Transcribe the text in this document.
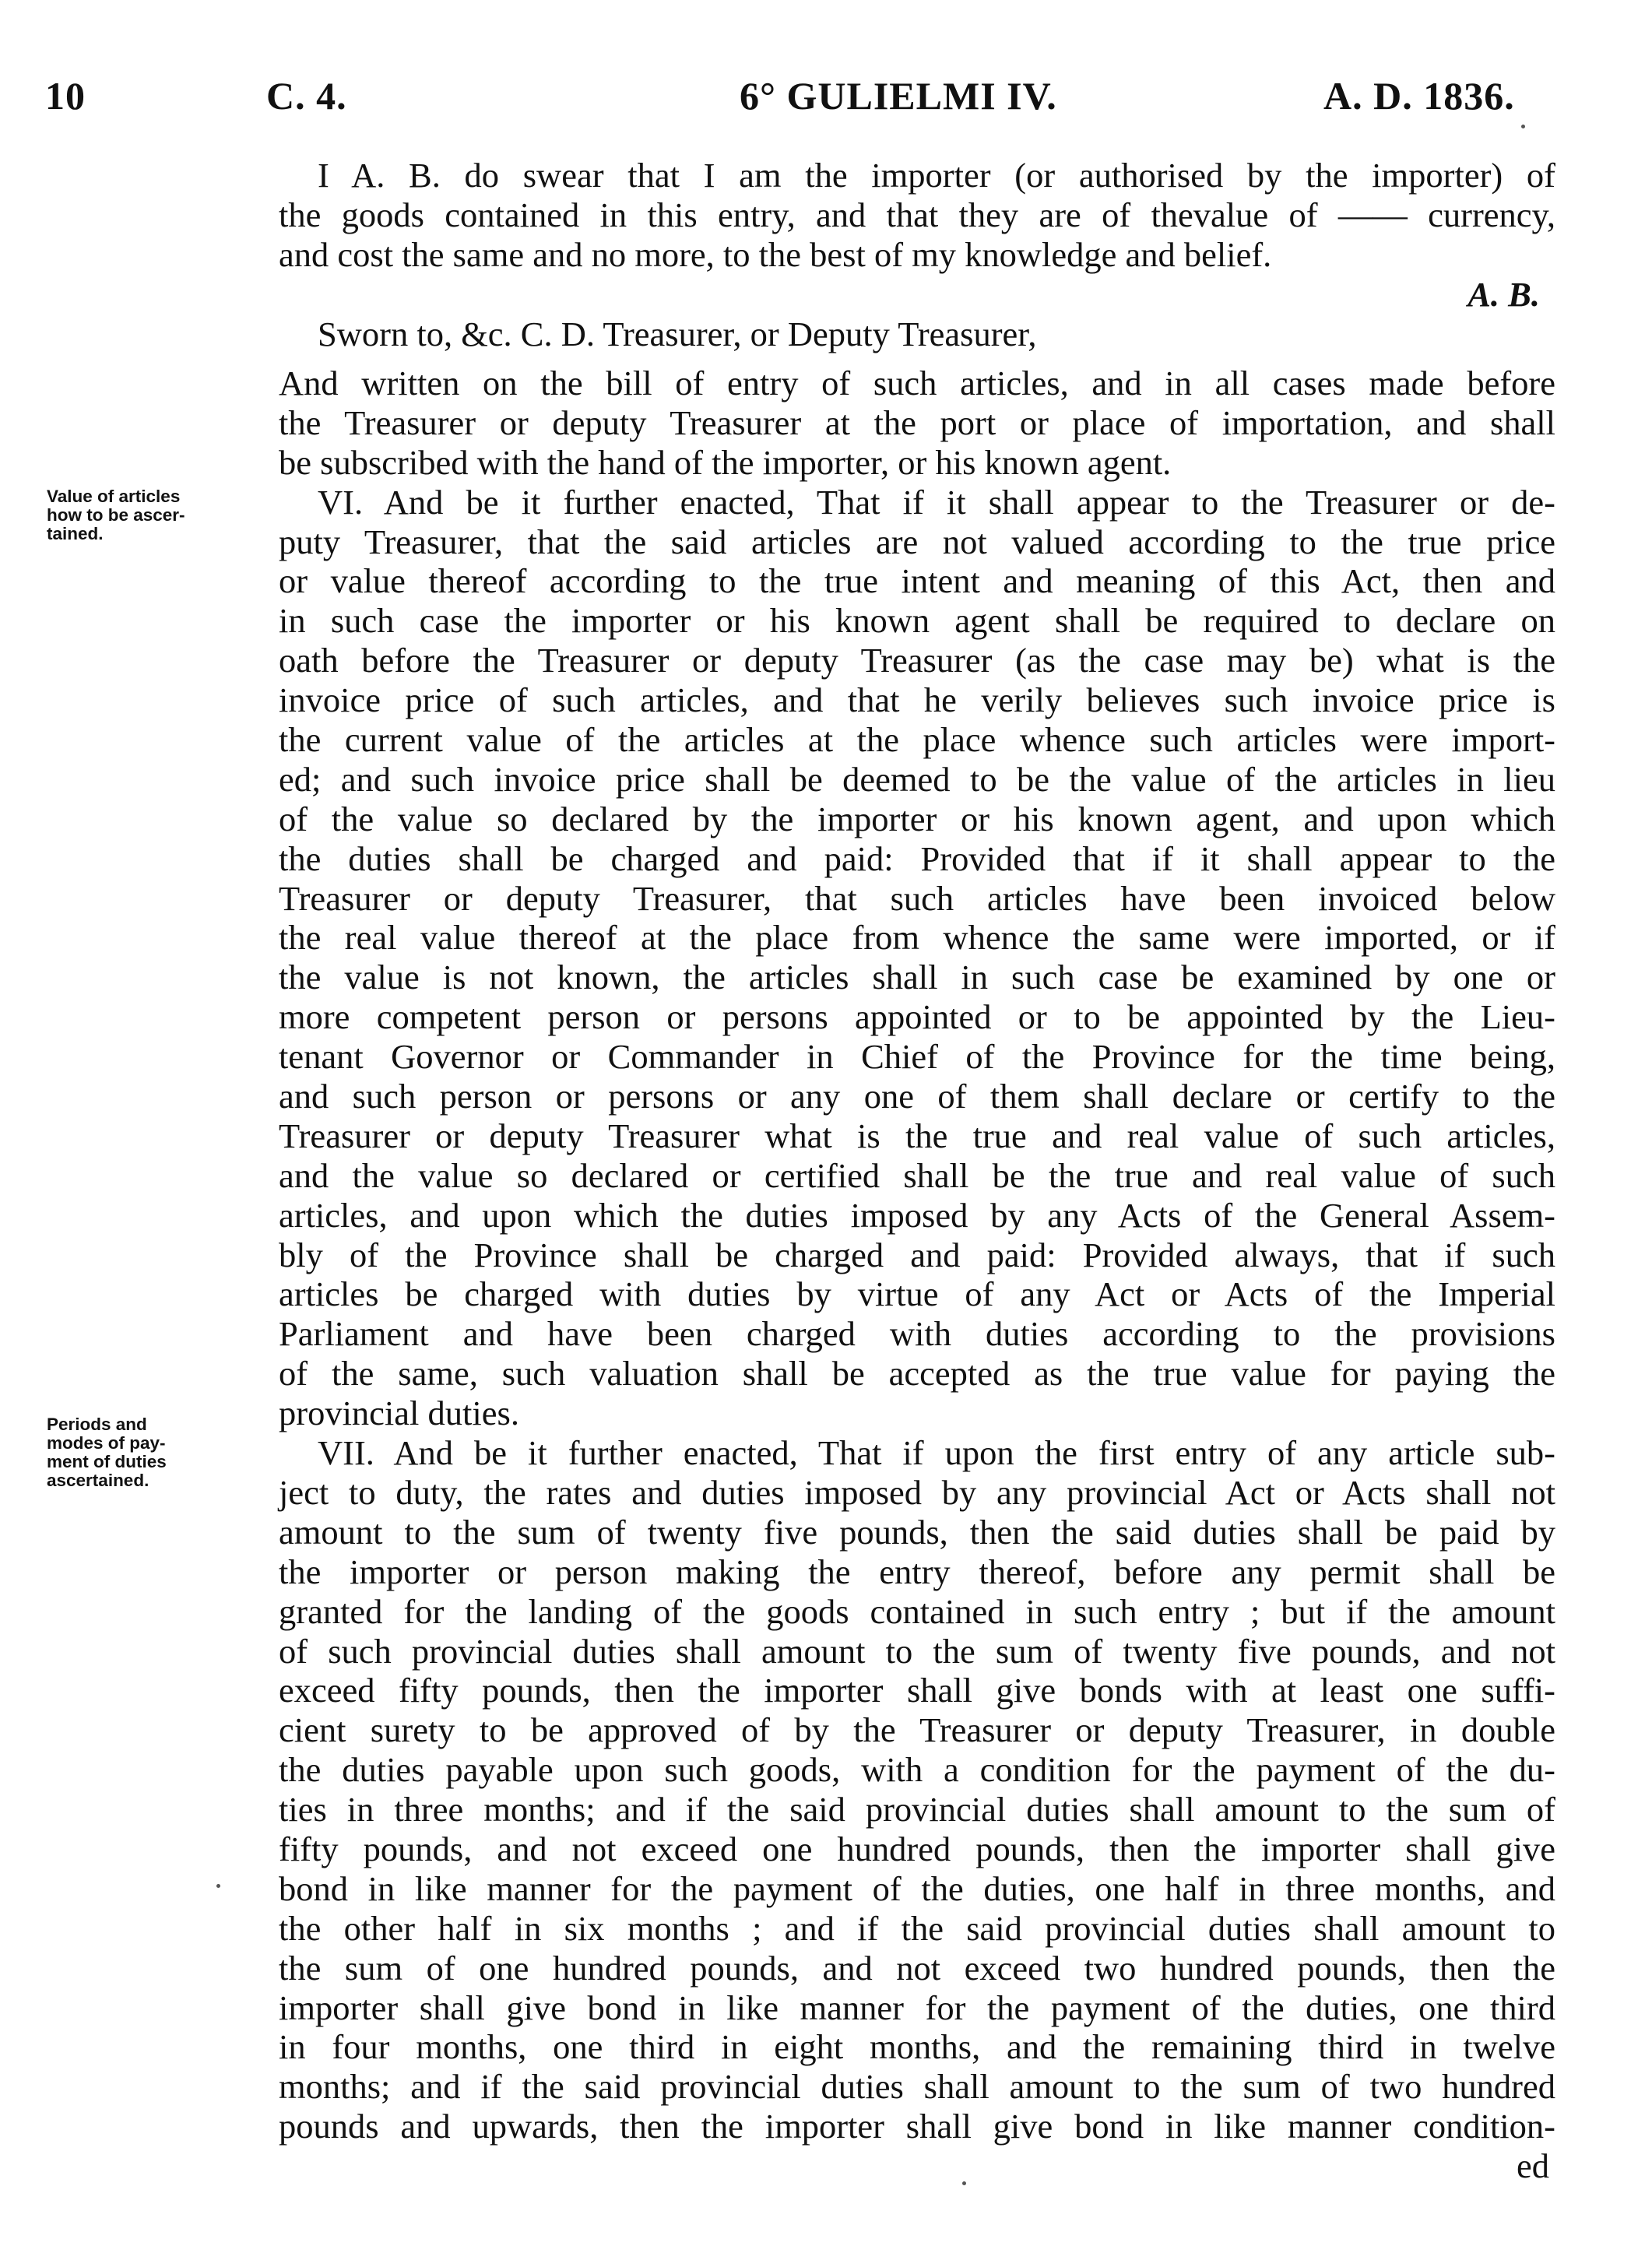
10	C. 4.	6° GULIELMI IV.	A. D. 1836.
I A. B. do swear that I am the importer (or authorised by the importer) of
the goods contained in this entry, and that they are of thevalue of —— currency,
and cost the same and no more, to the best of my knowledge and belief.
A. B.
Sworn to, &c. C. D. Treasurer, or Deputy Treasurer,
And written on the bill of entry of such articles, and in all cases made before
the Treasurer or deputy Treasurer at the port or place of importation, and shall
be subscribed with the hand of the importer, or his known agent.
VI. And be it further enacted, That if it shall appear to the Treasurer or de-
puty Treasurer, that the said articles are not valued according to the true price
or value thereof according to the true intent and meaning of this Act, then and
in such case the importer or his known agent shall be required to declare on
oath before the Treasurer or deputy Treasurer (as the case may be) what is the
invoice price of such articles, and that he verily believes such invoice price is
the current value of the articles at the place whence such articles were import-
ed; and such invoice price shall be deemed to be the value of the articles in lieu
of the value so declared by the importer or his known agent, and upon which
the duties shall be charged and paid: Provided that if it shall appear to the
Treasurer or deputy Treasurer, that such articles have been invoiced below
the real value thereof at the place from whence the same were imported, or if
the value is not known, the articles shall in such case be examined by one or
more competent person or persons appointed or to be appointed by the Lieu-
tenant Governor or Commander in Chief of the Province for the time being,
and such person or persons or any one of them shall declare or certify to the
Treasurer or deputy Treasurer what is the true and real value of such articles,
and the value so declared or certified shall be the true and real value of such
articles, and upon which the duties imposed by any Acts of the General Assem-
bly of the Province shall be charged and paid: Provided always, that if such
articles be charged with duties by virtue of any Act or Acts of the Imperial
Parliament and have been charged with duties according to the provisions
of the same, such valuation shall be accepted as the true value for paying the
provincial duties.
VII. And be it further enacted, That if upon the first entry of any article sub-
ject to duty, the rates and duties imposed by any provincial Act or Acts shall not
amount to the sum of twenty five pounds, then the said duties shall be paid by
the importer or person making the entry thereof, before any permit shall be
granted for the landing of the goods contained in such entry ; but if the amount
of such provincial duties shall amount to the sum of twenty five pounds, and not
exceed fifty pounds, then the importer shall give bonds with at least one suffi-
cient surety to be approved of by the Treasurer or deputy Treasurer, in double
the duties payable upon such goods, with a condition for the payment of the du-
ties in three months; and if the said provincial duties shall amount to the sum of
fifty pounds, and not exceed one hundred pounds, then the importer shall give
bond in like manner for the payment of the duties, one half in three months, and
the other half in six months ; and if the said provincial duties shall amount to
the sum of one hundred pounds, and not exceed two hundred pounds, then the
importer shall give bond in like manner for the payment of the duties, one third
in four months, one third in eight months, and the remaining third in twelve
months; and if the said provincial duties shall amount to the sum of two hundred
pounds and upwards, then the importer shall give bond in like manner condition-
ed
Value of articles
how to be ascer-
tained.
Periods and
modes of pay-
ment of duties
ascertained.
